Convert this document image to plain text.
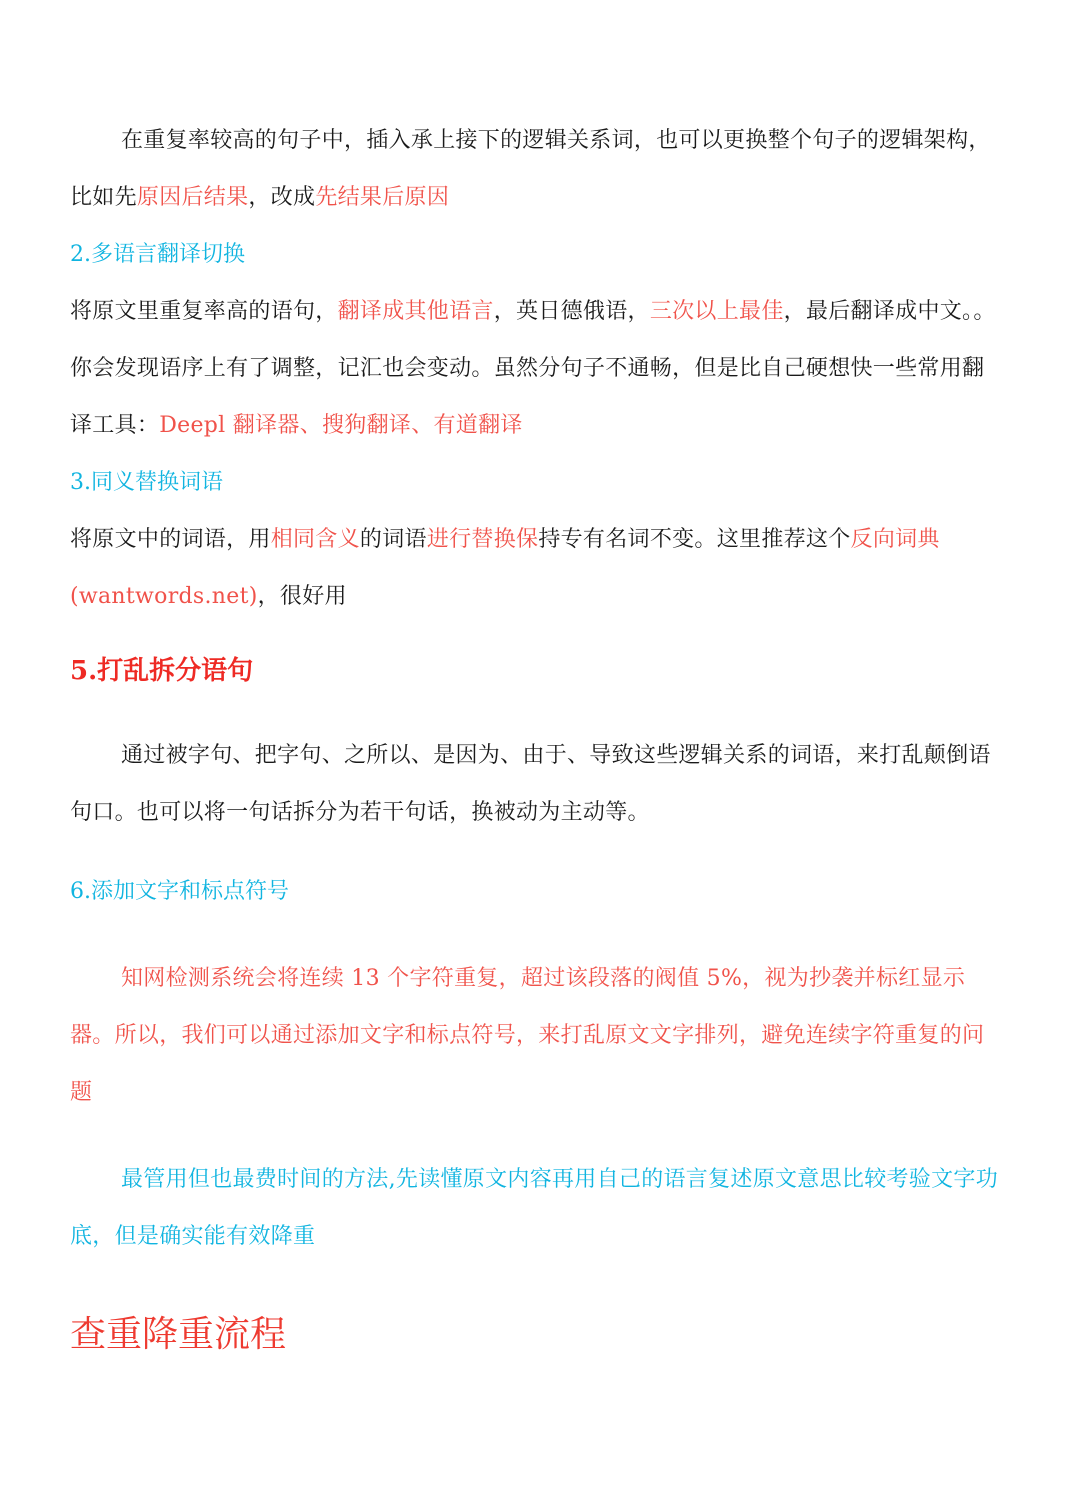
在重复率较高的句子中，插入承上接下的逻辑关系词，也可以更换整个句子的逻辑架构，比如先原因后结果，改成先结果后原因

2.多语言翻译切换

将原文里重复率高的语句，翻译成其他语言，英日德俄语，三次以上最佳，最后翻译成中文。。你会发现语序上有了调整，记汇也会变动。虽然分句子不通畅，但是比自己硬想快一些常用翻译工具：Deepl 翻译器、搜狗翻译、有道翻译

3.同义替换词语

将原文中的词语，用相同含义的词语进行替换保持专有名词不变。这里推荐这个反向词典(wantwords.net)，很好用

5.打乱拆分语句

通过被字句、把字句、之所以、是因为、由于、导致这些逻辑关系的词语，来打乱颠倒语句口。也可以将一句话拆分为若干句话，换被动为主动等。

6.添加文字和标点符号

知网检测系统会将连续 13 个字符重复，超过该段落的阀值 5%，视为抄袭并标红显示器。所以，我们可以通过添加文字和标点符号，来打乱原文文字排列，避免连续字符重复的问题

最管用但也最费时间的方法,先读懂原文内容再用自己的语言复述原文意思比较考验文字功底，但是确实能有效降重

查重降重流程
